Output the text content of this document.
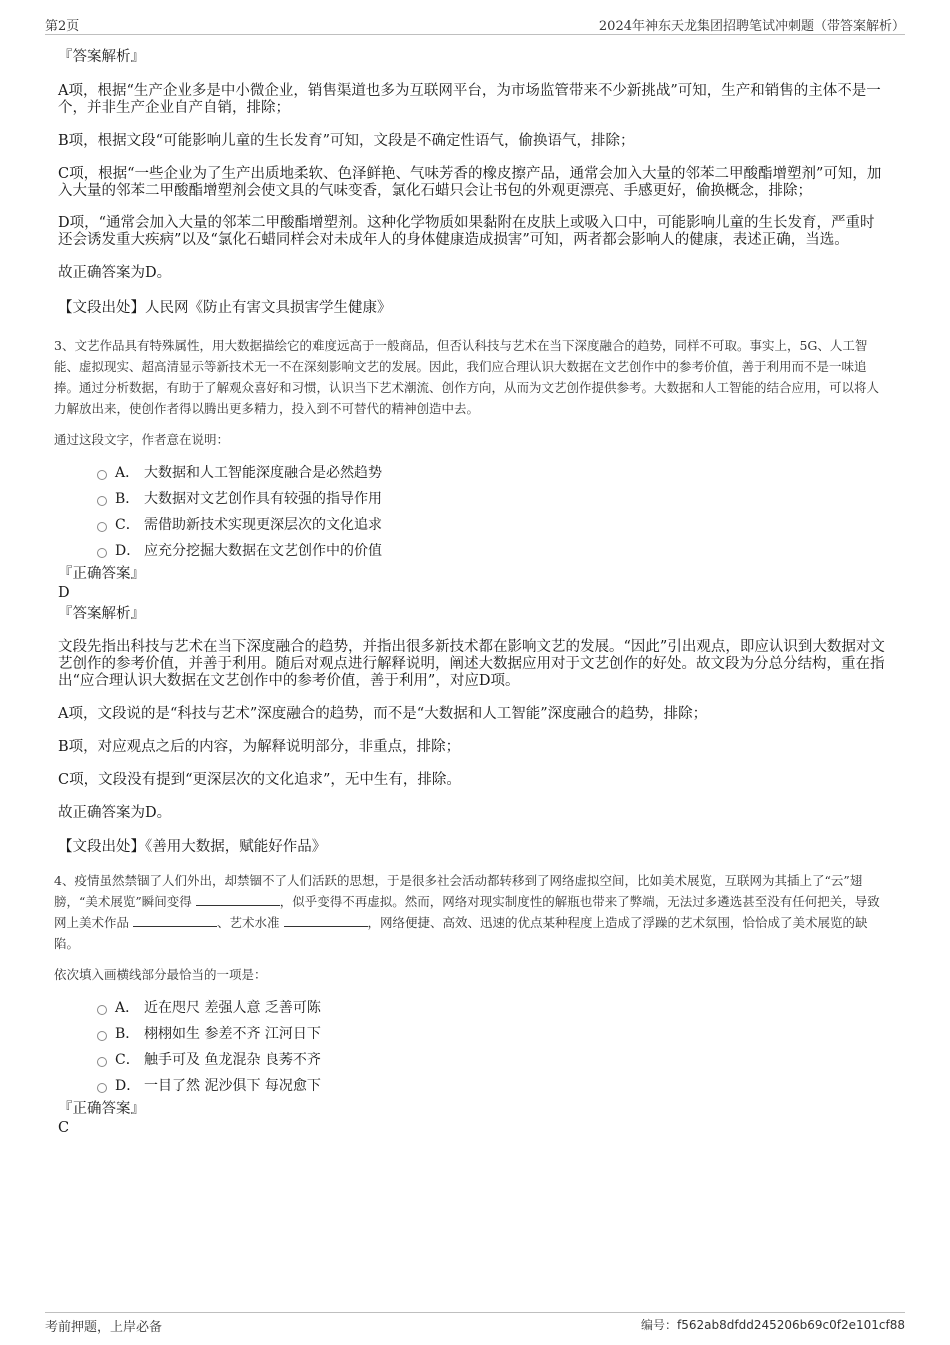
第2页	2024年神东天龙集团招聘笔试冲刺题（带答案解析）

『答案解析』

A项，根据“生产企业多是中小微企业，销售渠道也多为互联网平台，为市场监管带来不少新挑战”可知，生产和销售的主体不是一个，并非生产企业自产自销，排除；

B项，根据文段“可能影响儿童的生长发育”可知，文段是不确定性语气，偷换语气，排除；

C项，根据“一些企业为了生产出质地柔软、色泽鲜艳、气味芳香的橡皮擦产品，通常会加入大量的邻苯二甲酸酯增塑剂”可知，加入大量的邻苯二甲酸酯增塑剂会使文具的气味变香，氯化石蜡只会让书包的外观更漂亮、手感更好，偷换概念，排除；

D项，“通常会加入大量的邻苯二甲酸酯增塑剂。这种化学物质如果黏附在皮肤上或吸入口中，可能影响儿童的生长发育，严重时还会诱发重大疾病”以及“氯化石蜡同样会对未成年人的身体健康造成损害”可知，两者都会影响人的健康，表述正确，当选。

故正确答案为D。

【文段出处】人民网《防止有害文具损害学生健康》

3、文艺作品具有特殊属性，用大数据描绘它的难度远高于一般商品，但否认科技与艺术在当下深度融合的趋势，同样不可取。事实上，5G、人工智能、虚拟现实、超高清显示等新技术无一不在深刻影响文艺的发展。因此，我们应合理认识大数据在文艺创作中的参考价值，善于利用而不是一味追捧。通过分析数据，有助于了解观众喜好和习惯，认识当下艺术潮流、创作方向，从而为文艺创作提供参考。大数据和人工智能的结合应用，可以将人力解放出来，使创作者得以腾出更多精力，投入到不可替代的精神创造中去。

通过这段文字，作者意在说明：

A． 大数据和人工智能深度融合是必然趋势
B． 大数据对文艺创作具有较强的指导作用
C． 需借助新技术实现更深层次的文化追求
D． 应充分挖掘大数据在文艺创作中的价值

『正确答案』

D

『答案解析』

文段先指出科技与艺术在当下深度融合的趋势，并指出很多新技术都在影响文艺的发展。“因此”引出观点，即应认识到大数据对文艺创作的参考价值，并善于利用。随后对观点进行解释说明，阐述大数据应用对于文艺创作的好处。故文段为分总分结构，重在指出“应合理认识大数据在文艺创作中的参考价值，善于利用”，对应D项。

A项，文段说的是“科技与艺术”深度融合的趋势，而不是“大数据和人工智能”深度融合的趋势，排除；

B项，对应观点之后的内容，为解释说明部分，非重点，排除；

C项，文段没有提到“更深层次的文化追求”，无中生有，排除。

故正确答案为D。

【文段出处】《善用大数据，赋能好作品》

4、疫情虽然禁锢了人们外出，却禁锢不了人们活跃的思想，于是很多社会活动都转移到了网络虚拟空间，比如美术展览，互联网为其插上了“云”翅膀，“美术展览”瞬间变得	，似乎变得不再虚拟。然而，网络对现实制度性的解瓶也带来了弊端，无法过多遴选甚至没有任何把关，导致网上美术作品	、艺术水准	，网络便捷、高效、迅速的优点某种程度上造成了浮躁的艺术氛围，恰恰成了美术展览的缺陷。

依次填入画横线部分最恰当的一项是：

A． 近在咫尺 差强人意 乏善可陈
B． 栩栩如生 参差不齐 江河日下
C． 触手可及 鱼龙混杂 良莠不齐
D． 一目了然 泥沙俱下 每况愈下

『正确答案』

C

考前押题，上岸必备	编号：f562ab8dfdd245206b69c0f2e101cf88
